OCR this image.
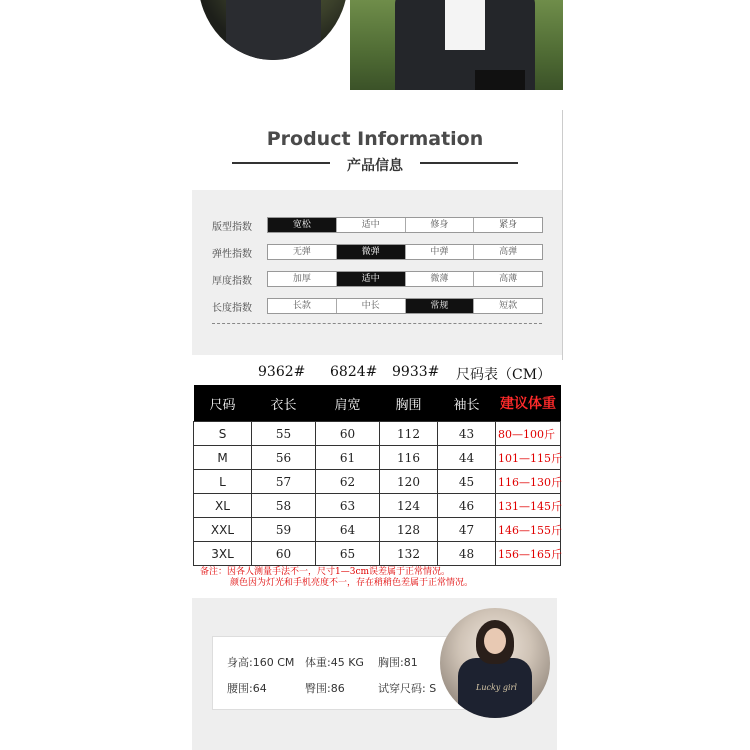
Product Information
产品信息
版型指数	宽松	适中	修身	紧身
弹性指数	无弹	微弹	中弹	高弹
厚度指数	加厚	适中	微薄	高薄
长度指数	长款	中长	常规	短款
9362# 6824# 9933# 尺码表（CM）
尺码	衣长	肩宽	胸围	袖长	建议体重
S	55	60	112	43	80—100斤
M	56	61	116	44	101—115斤
L	57	62	120	45	116—130斤
XL	58	63	124	46	131—145斤
XXL	59	64	128	47	146—155斤
3XL	60	65	132	48	156—165斤
备注：因各人测量手法不一，尺寸1—3cm误差属于正常情况。
颜色因为灯光和手机亮度不一，存在稍稍色差属于正常情况。
身高:160 CM 体重:45 KG 胸围:81
腰围:64	臀围:86	试穿尺码: S	Lucky girl
